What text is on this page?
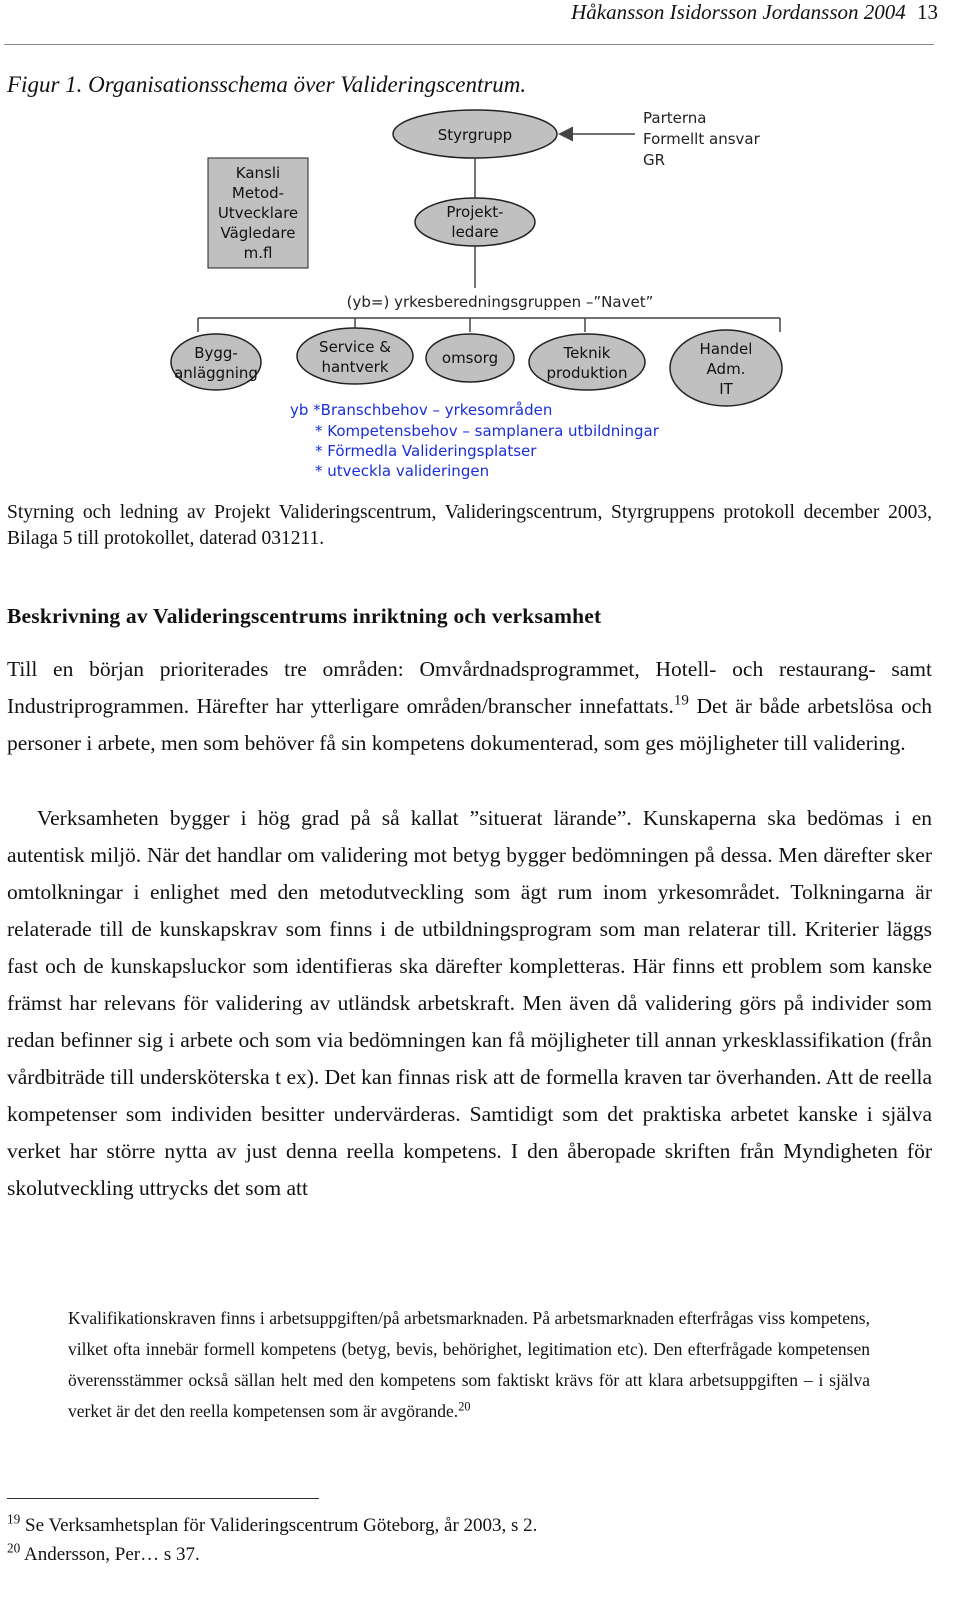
Håkansson Isidorsson Jordansson 2004 13
Figur 1. Organisationsschema över Valideringscentrum.
Styrgrupp
Parterna
Formellt ansvar
GR
Kansli
Metod-
Utvecklare
Vägledare
m.fl
Projekt-
ledare
(yb=) yrkesberedningsgruppen –”Navet”
Bygg-
anläggning
Service &
hantverk	omsorg	Teknik
produktion
Handel
Adm.
IT
yb *Branschbehov – yrkesområden
* Kompetensbehov – samplanera utbildningar
* Förmedla Valideringsplatser
* utveckla valideringen
Styrning och ledning av Projekt Valideringscentrum, Valideringscentrum, Styrgruppens protokoll december 2003, Bilaga 5 till protokollet, daterad 031211.
Beskrivning av Valideringscentrums inriktning och verksamhet
Till en början prioriterades tre områden: Omvårdnadsprogrammet, Hotell- och restaurang- samt Industriprogrammen. Härefter har ytterligare områden/branscher innefattats.$^{19}$ Det är både arbetslösa och personer i arbete, men som behöver få sin kompetens dokumenterad, som ges möjligheter till validering.
Verksamheten bygger i hög grad på så kallat ”situerat lärande”. Kunskaperna ska bedömas i en autentisk miljö. När det handlar om validering mot betyg bygger bedömningen på dessa. Men därefter sker omtolkningar i enlighet med den metodutveckling som ägt rum inom yrkesområdet. Tolkningarna är relaterade till de kunskapskrav som finns i de utbildningsprogram som man relaterar till. Kriterier läggs fast och de kunskapsluckor som identifieras ska därefter kompletteras. Här finns ett problem som kanske främst har relevans för validering av utländsk arbetskraft. Men även då validering görs på individer som redan befinner sig i arbete och som via bedömningen kan få möjligheter till annan yrkesklassifikation (från vårdbiträde till undersköterska t ex). Det kan finnas risk att de formella kraven tar överhanden. Att de reella kompetenser som individen besitter undervärderas. Samtidigt som det praktiska arbetet kanske i själva verket har större nytta av just denna reella kompetens. I den åberopade skriften från Myndigheten för skolutveckling uttrycks det som att
Kvalifikationskraven finns i arbetsuppgiften/på arbetsmarknaden. På arbetsmarknaden efterfrågas viss kompetens, vilket ofta innebär formell kompetens (betyg, bevis, behörighet, legitimation etc). Den efterfrågade kompetensen överensstämmer också sällan helt med den kompetens som faktiskt krävs för att klara arbetsuppgiften – i själva verket är det den reella kompetensen som är avgörande.$^{20}$
$^{19}$ Se Verksamhetsplan för Valideringscentrum Göteborg, år 2003, s 2.
$^{20}$ Andersson, Per… s 37.
